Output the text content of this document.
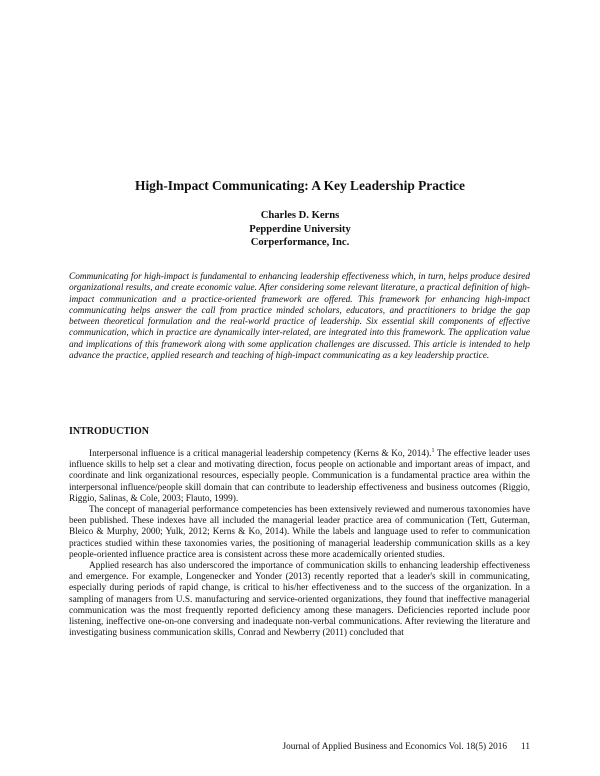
High-Impact Communicating: A Key Leadership Practice
Charles D. Kerns
Pepperdine University
Corperformance, Inc.
Communicating for high-impact is fundamental to enhancing leadership effectiveness which, in turn, helps produce desired organizational results, and create economic value. After considering some relevant literature, a practical definition of high-impact communication and a practice-oriented framework are offered. This framework for enhancing high-impact communicating helps answer the call from practice minded scholars, educators, and practitioners to bridge the gap between theoretical formulation and the real-world practice of leadership. Six essential skill components of effective communication, which in practice are dynamically inter-related, are integrated into this framework. The application value and implications of this framework along with some application challenges are discussed. This article is intended to help advance the practice, applied research and teaching of high-impact communicating as a key leadership practice.
INTRODUCTION

Interpersonal influence is a critical managerial leadership competency (Kerns & Ko, 2014).$^1$ The effective leader uses influence skills to help set a clear and motivating direction, focus people on actionable and important areas of impact, and coordinate and link organizational resources, especially people. Communication is a fundamental practice area within the interpersonal influence/people skill domain that can contribute to leadership effectiveness and business outcomes (Riggio, Riggio, Salinas, & Cole, 2003; Flauto, 1999).

The concept of managerial performance competencies has been extensively reviewed and numerous taxonomies have been published. These indexes have all included the managerial leader practice area of communication (Tett, Guterman, Bleico & Murphy, 2000; Yulk, 2012; Kerns & Ko, 2014). While the labels and language used to refer to communication practices studied within these taxonomies varies, the positioning of managerial leadership communication skills as a key people-oriented influence practice area is consistent across these more academically oriented studies.

Applied research has also underscored the importance of communication skills to enhancing leadership effectiveness and emergence. For example, Longenecker and Yonder (2013) recently reported that a leader's skill in communicating, especially during periods of rapid change, is critical to his/her effectiveness and to the success of the organization. In a sampling of managers from U.S. manufacturing and service-oriented organizations, they found that ineffective managerial communication was the most frequently reported deficiency among these managers. Deficiencies reported include poor listening, ineffective one-on-one conversing and inadequate non-verbal communications. After reviewing the literature and investigating business communication skills, Conrad and Newberry (2011) concluded that

Journal of Applied Business and Economics Vol. 18(5) 2016 11
